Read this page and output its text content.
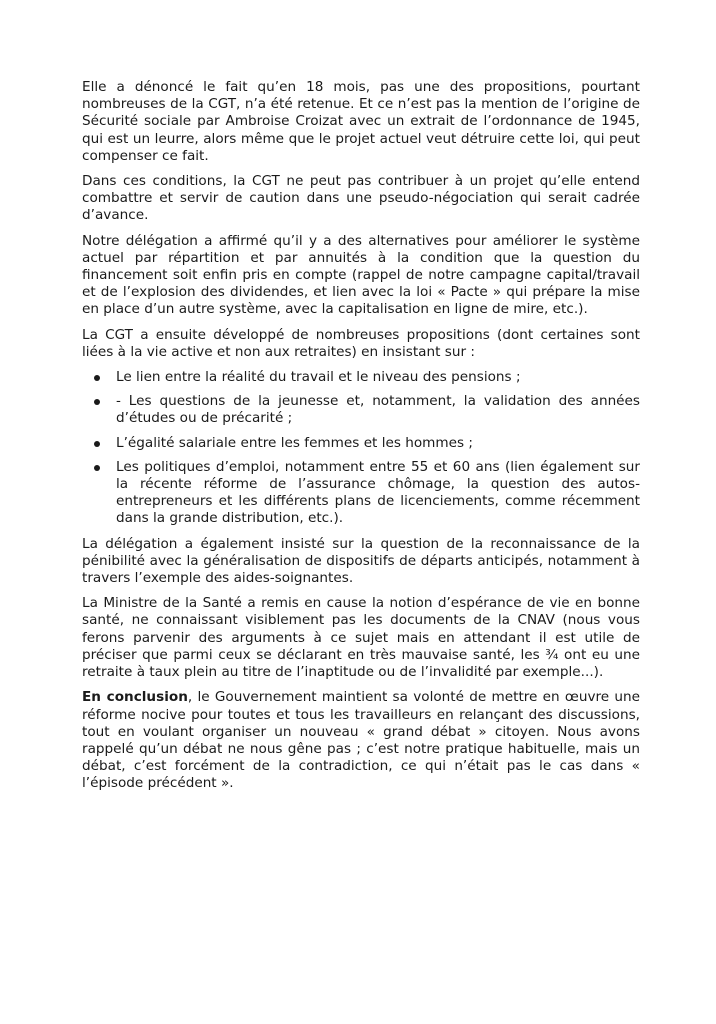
Elle a dénoncé le fait qu’en 18 mois, pas une des propositions, pourtant nombreuses de la CGT, n’a été retenue. Et ce n’est pas la mention de l’origine de Sécurité sociale par Ambroise Croizat avec un extrait de l’ordonnance de 1945, qui est un leurre, alors même que le projet actuel veut détruire cette loi, qui peut compenser ce fait.

Dans ces conditions, la CGT ne peut pas contribuer à un projet qu’elle entend combattre et servir de caution dans une pseudo-négociation qui serait cadrée d’avance.

Notre délégation a affirmé qu’il y a des alternatives pour améliorer le système actuel par répartition et par annuités à la condition que la question du financement soit enfin pris en compte (rappel de notre campagne capital/travail et de l’explosion des dividendes, et lien avec la loi « Pacte » qui prépare la mise en place d’un autre système, avec la capitalisation en ligne de mire, etc.).

La CGT a ensuite développé de nombreuses propositions (dont certaines sont liées à la vie active et non aux retraites) en insistant sur :

Le lien entre la réalité du travail et le niveau des pensions ;
- Les questions de la jeunesse et, notamment, la validation des années d’études ou de précarité ;
L’égalité salariale entre les femmes et les hommes ;
Les politiques d’emploi, notamment entre 55 et 60 ans (lien également sur la récente réforme de l’assurance chômage, la question des autos-entrepreneurs et les différents plans de licenciements, comme récemment dans la grande distribution, etc.).

La délégation a également insisté sur la question de la reconnaissance de la pénibilité avec la généralisation de dispositifs de départs anticipés, notamment à travers l’exemple des aides-soignantes.

La Ministre de la Santé a remis en cause la notion d’espérance de vie en bonne santé, ne connaissant visiblement pas les documents de la CNAV (nous vous ferons parvenir des arguments à ce sujet mais en attendant il est utile de préciser que parmi ceux se déclarant en très mauvaise santé, les ¾ ont eu une retraite à taux plein au titre de l’inaptitude ou de l’invalidité par exemple...).

En conclusion, le Gouvernement maintient sa volonté de mettre en œuvre une réforme nocive pour toutes et tous les travailleurs en relançant des discussions, tout en voulant organiser un nouveau « grand débat » citoyen. Nous avons rappelé qu’un débat ne nous gêne pas ; c’est notre pratique habituelle, mais un débat, c’est forcément de la contradiction, ce qui n’était pas le cas dans « l’épisode précédent ».
